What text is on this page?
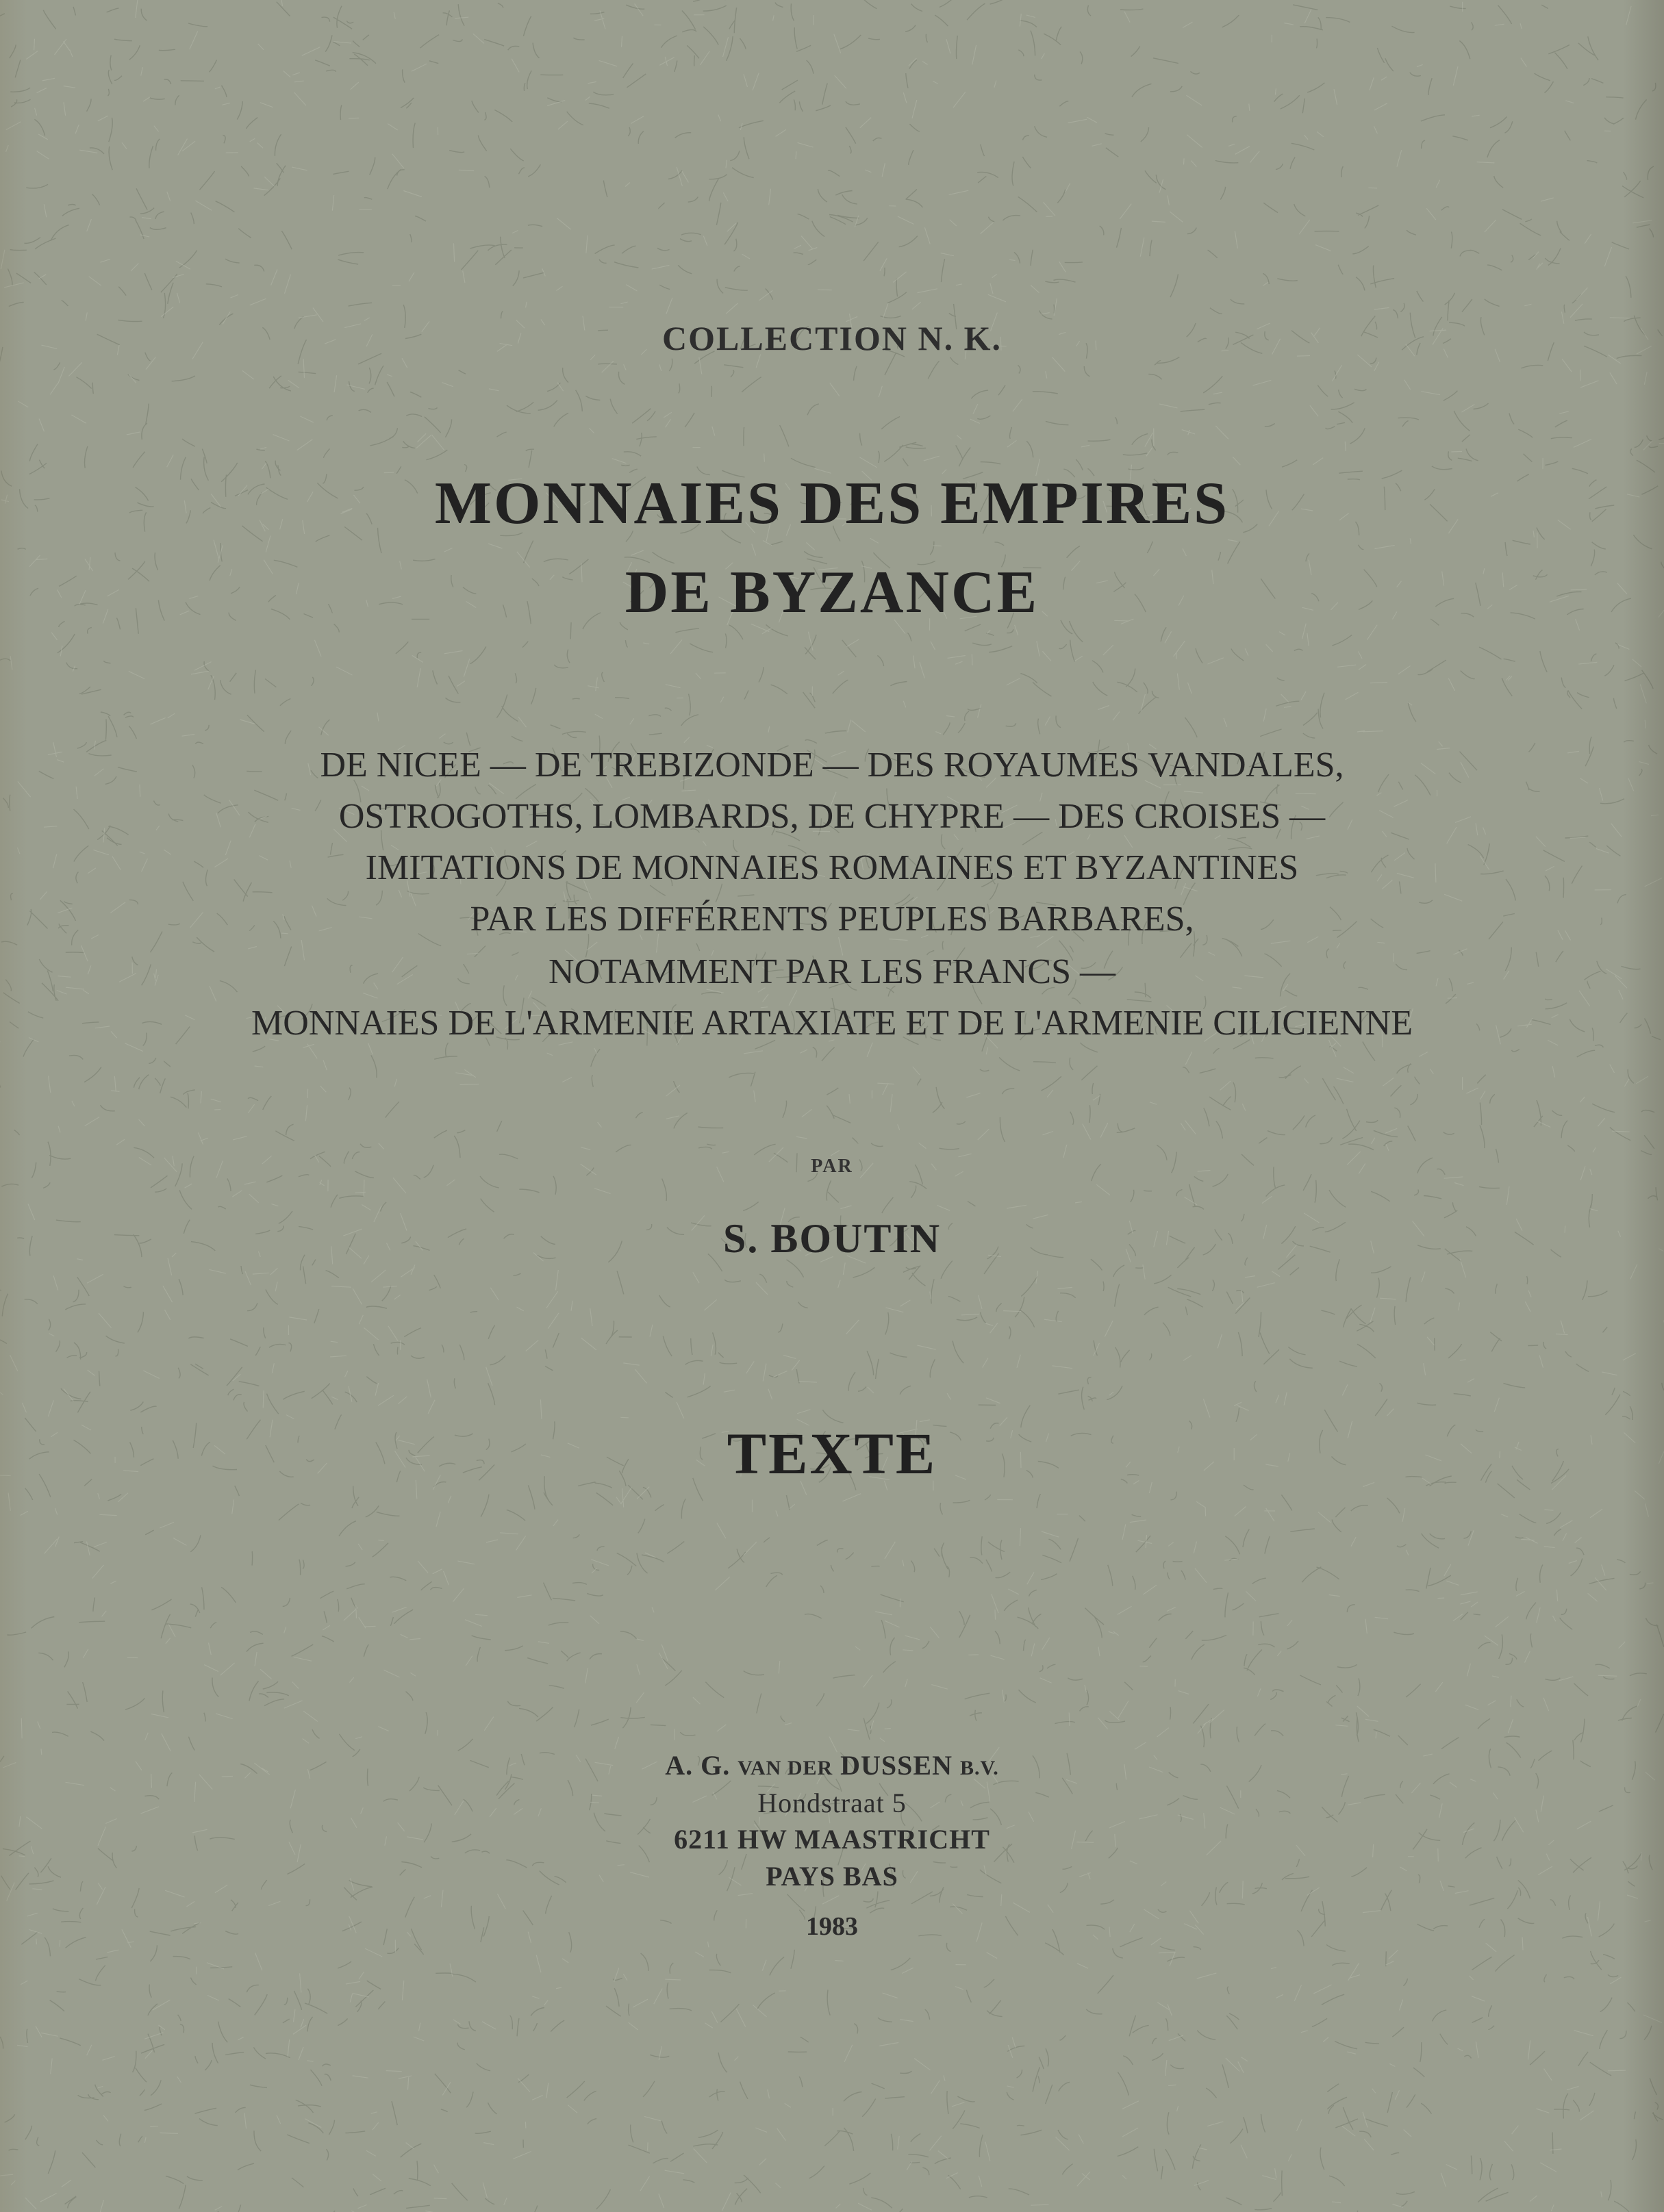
COLLECTION N. K.
MONNAIES DES EMPIRES
DE BYZANCE
DE NICEE — DE TREBIZONDE — DES ROYAUMES VANDALES,
OSTROGOTHS, LOMBARDS, DE CHYPRE — DES CROISES —
IMITATIONS DE MONNAIES ROMAINES ET BYZANTINES
PAR LES DIFFÉRENTS PEUPLES BARBARES,
NOTAMMENT PAR LES FRANCS —
MONNAIES DE L'ARMENIE ARTAXIATE ET DE L'ARMENIE CILICIENNE
PAR
S. BOUTIN
TEXTE
A. G. VAN DER DUSSEN B.V.
Hondstraat 5
6211 HW MAASTRICHT
PAYS BAS
1983
